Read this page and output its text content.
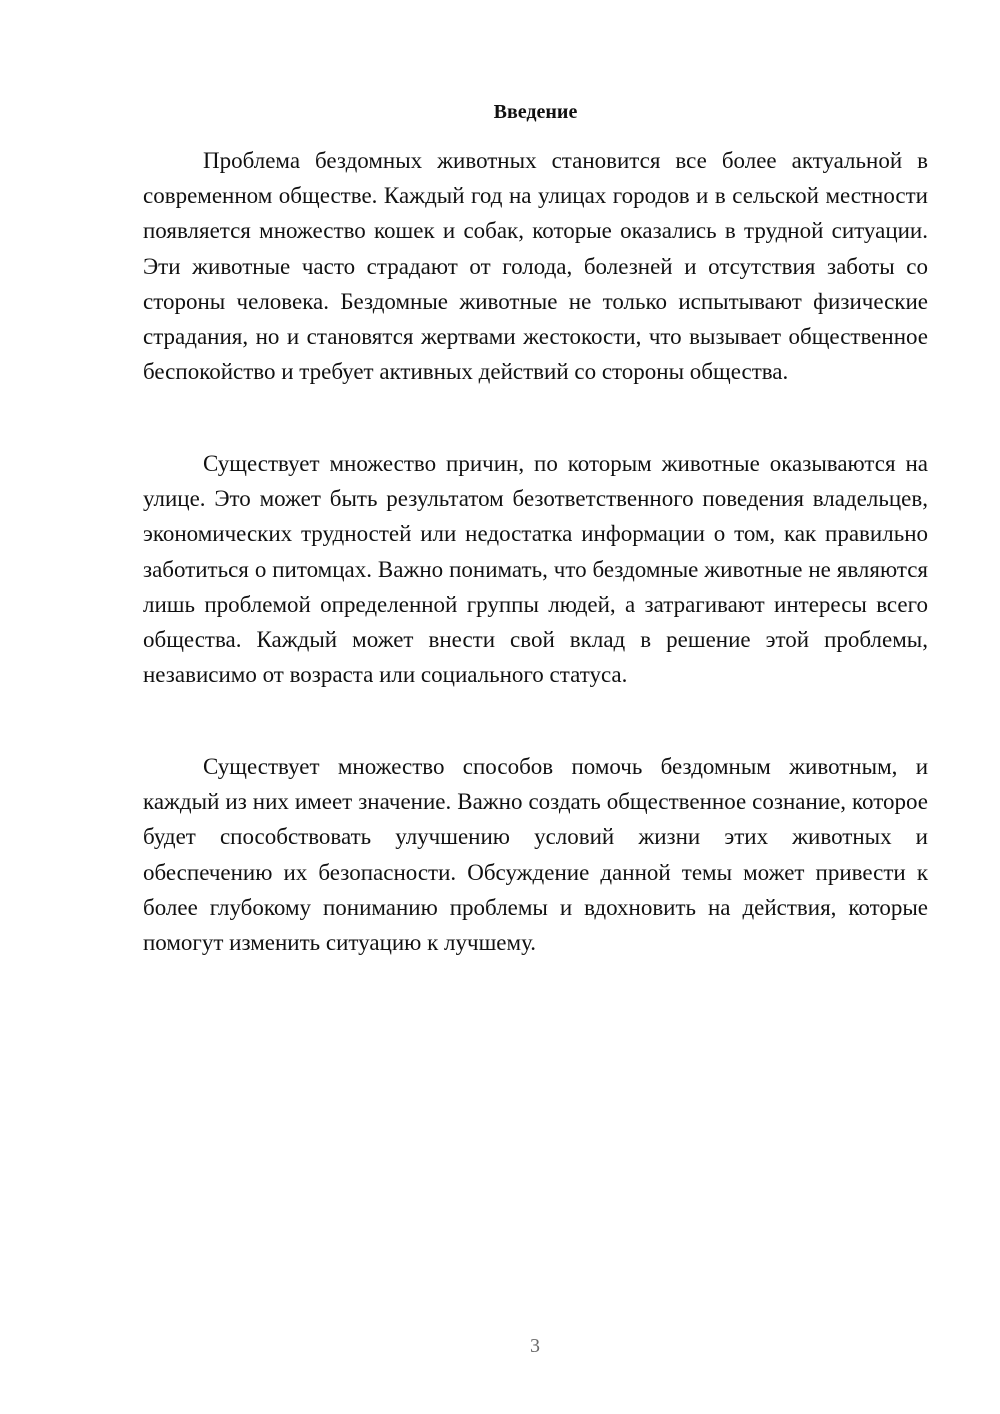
Введение

Проблема бездомных животных становится все более актуальной в современном обществе. Каждый год на улицах городов и в сельской местности появляется множество кошек и собак, которые оказались в трудной ситуации. Эти животные часто страдают от голода, болезней и отсутствия заботы со стороны человека. Бездомные животные не только испытывают физические страдания, но и становятся жертвами жестокости, что вызывает общественное беспокойство и требует активных действий со стороны общества.

Существует множество причин, по которым животные оказываются на улице. Это может быть результатом безответственного поведения владельцев, экономических трудностей или недостатка информации о том, как правильно заботиться о питомцах. Важно понимать, что бездомные животные не являются лишь проблемой определенной группы людей, а затрагивают интересы всего общества. Каждый может внести свой вклад в решение этой проблемы, независимо от возраста или социального статуса.

Существует множество способов помочь бездомным животным, и каждый из них имеет значение. Важно создать общественное сознание, которое будет способствовать улучшению условий жизни этих животных и обеспечению их безопасности. Обсуждение данной темы может привести к более глубокому пониманию проблемы и вдохновить на действия, которые помогут изменить ситуацию к лучшему.

3
